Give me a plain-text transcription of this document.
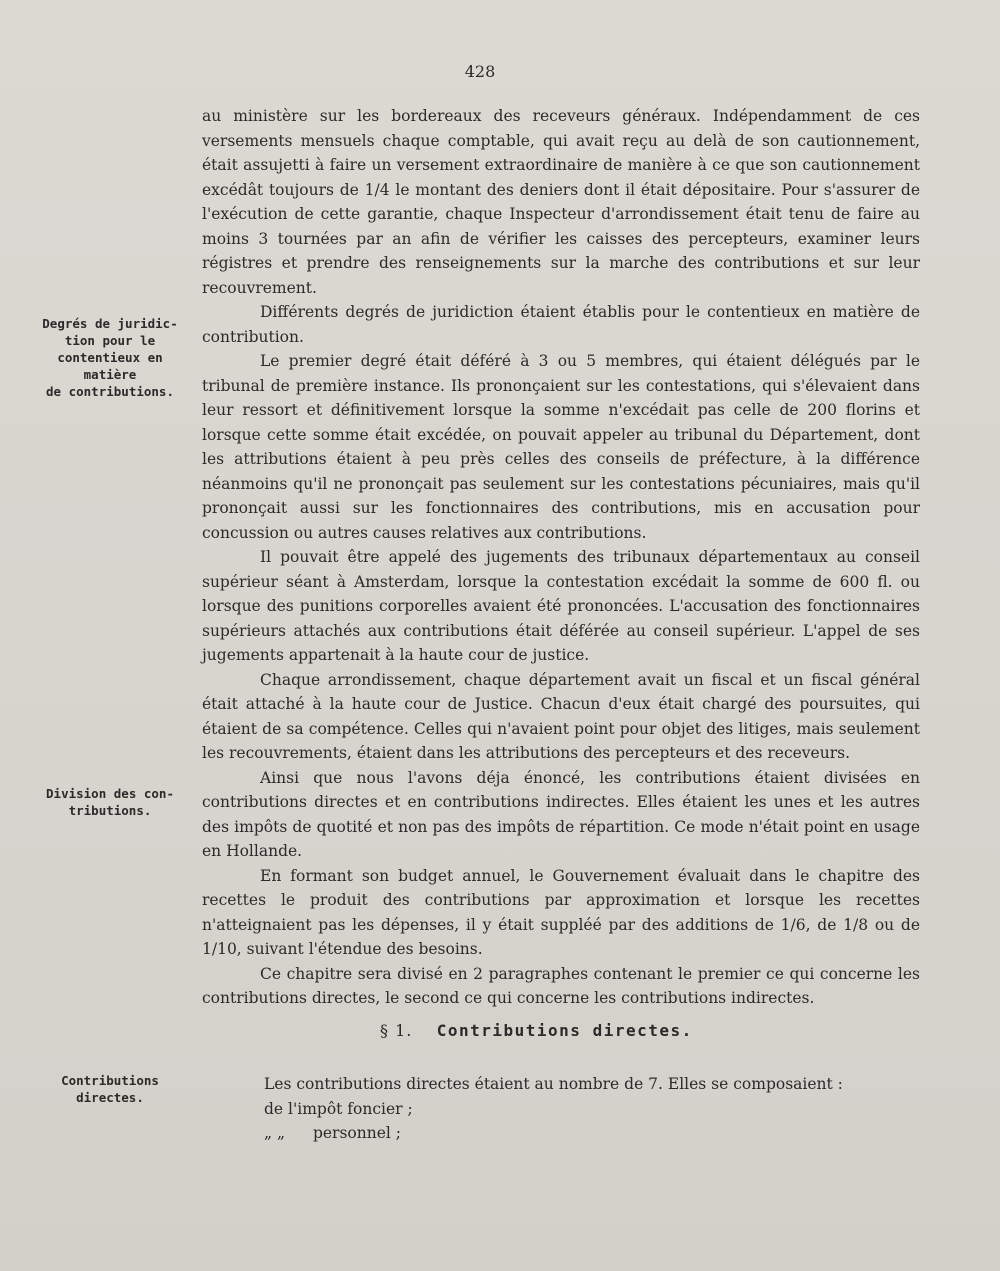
428
Degrés de juridic-
tion pour le
contentieux en
matière
de contributions.
Division des con-
tributions.
Contributions
directes.

au ministère sur les bordereaux des receveurs généraux. Indépendamment de ces versements mensuels chaque comptable, qui avait reçu au delà de son cautionnement, était assujetti à faire un versement extraordinaire de manière à ce que son cautionnement excédât toujours de 1/4 le montant des deniers dont il était dépositaire. Pour s'assurer de l'exécution de cette garantie, chaque Inspecteur d'arrondissement était tenu de faire au moins 3 tournées par an afin de vérifier les caisses des percepteurs, examiner leurs régistres et prendre des renseignements sur la marche des contributions et sur leur recouvrement.

Différents degrés de juridiction étaient établis pour le contentieux en matière de contribution.

Le premier degré était déféré à 3 ou 5 membres, qui étaient délégués par le tribunal de première instance. Ils prononçaient sur les contestations, qui s'élevaient dans leur ressort et définitivement lorsque la somme n'excédait pas celle de 200 florins et lorsque cette somme était excédée, on pouvait appeler au tribunal du Département, dont les attributions étaient à peu près celles des conseils de préfecture, à la différence néanmoins qu'il ne prononçait pas seulement sur les contestations pécuniaires, mais qu'il prononçait aussi sur les fonctionnaires des contributions, mis en accusation pour concussion ou autres causes relatives aux contributions.

Il pouvait être appelé des jugements des tribunaux départementaux au conseil supérieur séant à Amsterdam, lorsque la contestation excédait la somme de 600 fl. ou lorsque des punitions corporelles avaient été prononcées. L'accusation des fonctionnaires supérieurs attachés aux contributions était déférée au conseil supérieur. L'appel de ses jugements appartenait à la haute cour de justice.

Chaque arrondissement, chaque département avait un fiscal et un fiscal général était attaché à la haute cour de Justice. Chacun d'eux était chargé des poursuites, qui étaient de sa compétence. Celles qui n'avaient point pour objet des litiges, mais seulement les recouvrements, étaient dans les attributions des percepteurs et des receveurs.

Ainsi que nous l'avons déja énoncé, les contributions étaient divisées en contributions directes et en contributions indirectes. Elles étaient les unes et les autres des impôts de quotité et non pas des impôts de répartition. Ce mode n'était point en usage en Hollande.

En formant son budget annuel, le Gouvernement évaluait dans le chapitre des recettes le produit des contributions par approximation et lorsque les recettes n'atteignaient pas les dépenses, il y était suppléé par des additions de 1/6, de 1/8 ou de 1/10, suivant l'étendue des besoins.

Ce chapitre sera divisé en 2 paragraphes contenant le premier ce qui concerne les contributions directes, le second ce qui concerne les contributions indirectes.

§ 1. Contributions directes.
Les contributions directes étaient au nombre de 7. Elles se composaient :
de l'impôt foncier ;
„ „ personnel ;
